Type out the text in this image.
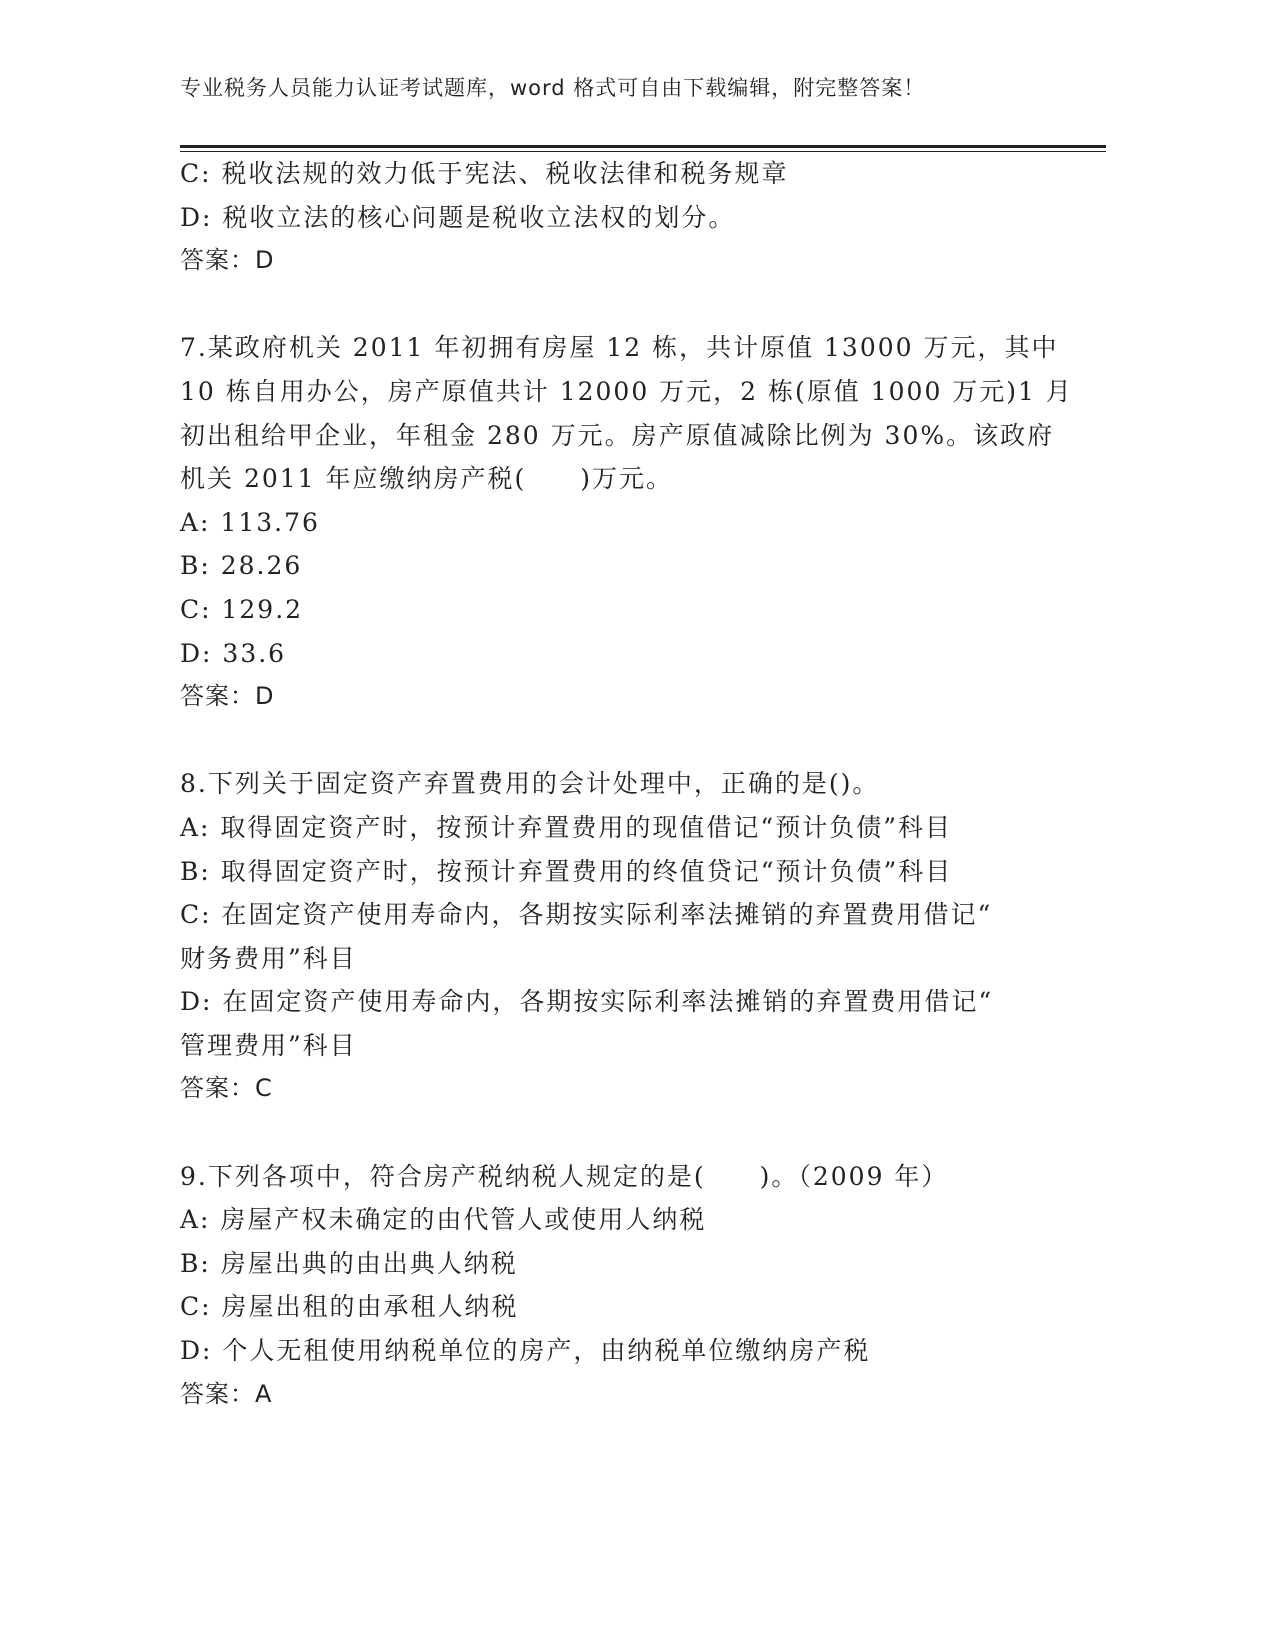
专业税务人员能力认证考试题库，word 格式可自由下载编辑，附完整答案！
C: 税收法规的效力低于宪法、税收法律和税务规章
D: 税收立法的核心问题是税收立法权的划分。
答案：D
7.某政府机关 2011 年初拥有房屋 12 栋，共计原值 13000 万元，其中
10 栋自用办公，房产原值共计 12000 万元，2 栋(原值 1000 万元)1 月
初出租给甲企业，年租金 280 万元。房产原值减除比例为 30%。该政府
机关 2011 年应缴纳房产税(　　)万元。
A: 113.76
B: 28.26
C: 129.2
D: 33.6
答案：D
8.下列关于固定资产弃置费用的会计处理中，正确的是()。
A: 取得固定资产时，按预计弃置费用的现值借记“预计负债”科目
B: 取得固定资产时，按预计弃置费用的终值贷记“预计负债”科目
C: 在固定资产使用寿命内，各期按实际利率法摊销的弃置费用借记“
财务费用”科目
D: 在固定资产使用寿命内，各期按实际利率法摊销的弃置费用借记“
管理费用”科目
答案：C
9.下列各项中，符合房产税纳税人规定的是(　　)。（2009 年）
A: 房屋产权未确定的由代管人或使用人纳税
B: 房屋出典的由出典人纳税
C: 房屋出租的由承租人纳税
D: 个人无租使用纳税单位的房产，由纳税单位缴纳房产税
答案：A
